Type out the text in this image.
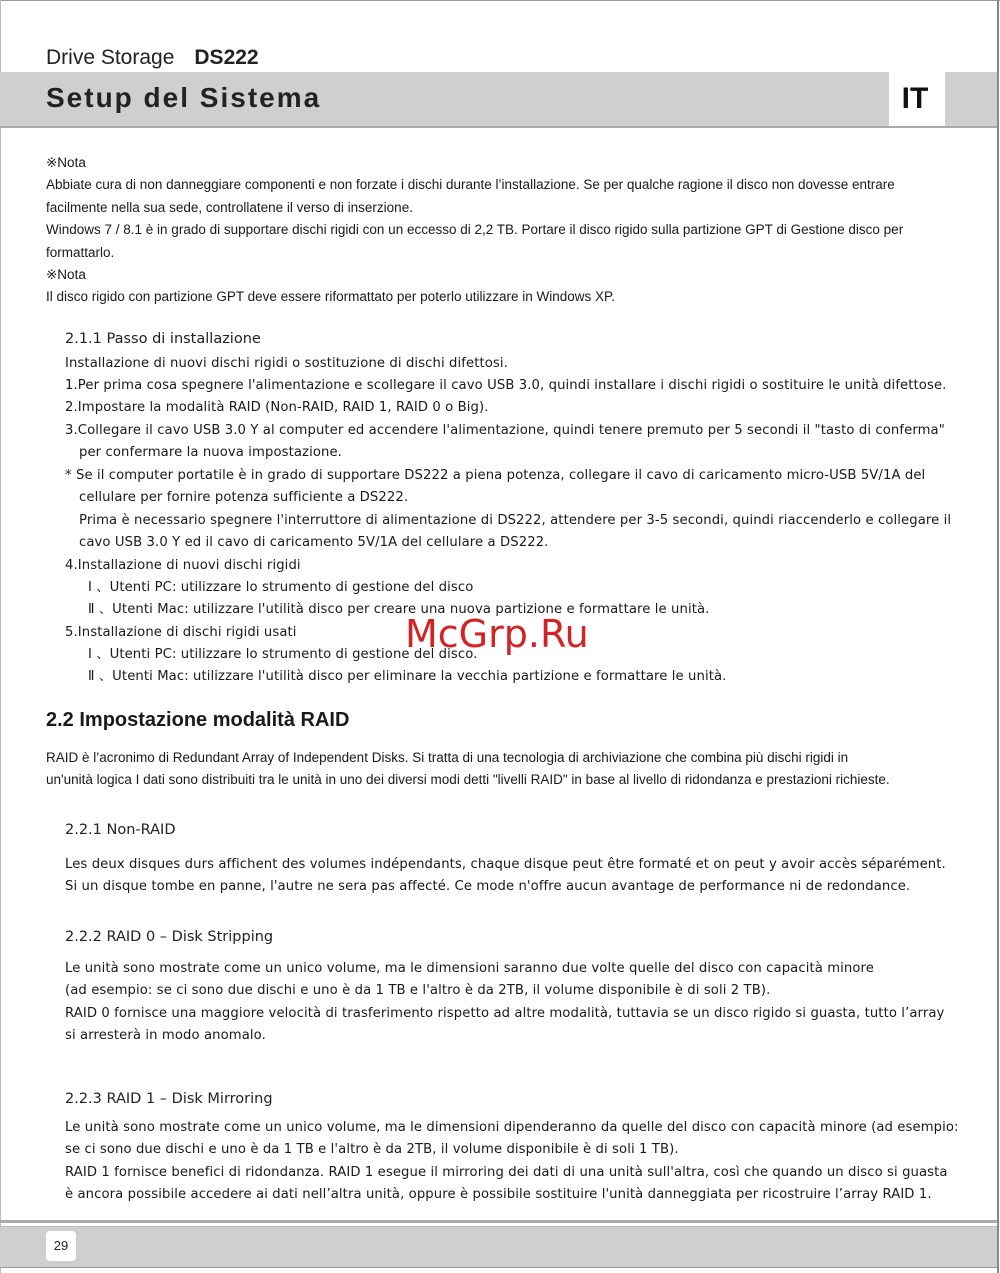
Drive Storage DS222
Setup del Sistema	IT
※Nota
Abbiate cura di non danneggiare componenti e non forzate i dischi durante l’installazione. Se per qualche ragione il disco non dovesse entrare
facilmente nella sua sede, controllatene il verso di inserzione.
Windows 7 / 8.1 è in grado di supportare dischi rigidi con un eccesso di 2,2 TB. Portare il disco rigido sulla partizione GPT di Gestione disco per
formattarlo.
※Nota
Il disco rigido con partizione GPT deve essere riformattato per poterlo utilizzare in Windows XP.
2.1.1 Passo di installazione
Installazione di nuovi dischi rigidi o sostituzione di dischi difettosi.
1.Per prima cosa spegnere l'alimentazione e scollegare il cavo USB 3.0, quindi installare i dischi rigidi o sostituire le unità difettose.
2.Impostare la modalità RAID (Non-RAID, RAID 1, RAID 0 o Big).
3.Collegare il cavo USB 3.0 Y al computer ed accendere l'alimentazione, quindi tenere premuto per 5 secondi il "tasto di conferma"
per confermare la nuova impostazione.
* Se il computer portatile è in grado di supportare DS222 a piena potenza, collegare il cavo di caricamento micro-USB 5V/1A del
cellulare per fornire potenza sufficiente a DS222.
Prima è necessario spegnere l'interruttore di alimentazione di DS222, attendere per 3-5 secondi, quindi riaccenderlo e collegare il
cavo USB 3.0 Y ed il cavo di caricamento 5V/1A del cellulare a DS222.
4.Installazione di nuovi dischi rigidi
Ⅰ 、Utenti PC: utilizzare lo strumento di gestione del disco
Ⅱ 、Utenti Mac: utilizzare l'utilità disco per creare una nuova partizione e formattare le unità.
5.Installazione di dischi rigidi usati
Ⅰ 、Utenti PC: utilizzare lo strumento di gestione del disco.
Ⅱ 、Utenti Mac: utilizzare l'utilità disco per eliminare la vecchia partizione e formattare le unità.
McGrp.Ru
2.2 Impostazione modalità RAID
RAID è l’acronimo di Redundant Array of Independent Disks. Si tratta di una tecnologia di archiviazione che combina più dischi rigidi in
un'unità logica I dati sono distribuiti tra le unità in uno dei diversi modi detti "livelli RAID" in base al livello di ridondanza e prestazioni richieste.
2.2.1 Non-RAID
Les deux disques durs affichent des volumes indépendants, chaque disque peut être formaté et on peut y avoir accès séparément.
Si un disque tombe en panne, l'autre ne sera pas affecté. Ce mode n'offre aucun avantage de performance ni de redondance.
2.2.2 RAID 0 – Disk Stripping
Le unità sono mostrate come un unico volume, ma le dimensioni saranno due volte quelle del disco con capacità minore
(ad esempio: se ci sono due dischi e uno è da 1 TB e l'altro è da 2TB, il volume disponibile è di soli 2 TB).
RAID 0 fornisce una maggiore velocità di trasferimento rispetto ad altre modalità, tuttavia se un disco rigido si guasta, tutto l’array
si arresterà in modo anomalo.
2.2.3 RAID 1 – Disk Mirroring
Le unità sono mostrate come un unico volume, ma le dimensioni dipenderanno da quelle del disco con capacità minore (ad esempio:
se ci sono due dischi e uno è da 1 TB e l'altro è da 2TB, il volume disponibile è di soli 1 TB).
RAID 1 fornisce benefici di ridondanza. RAID 1 esegue il mirroring dei dati di una unità sull'altra, così che quando un disco si guasta
è ancora possibile accedere ai dati nell’altra unità, oppure è possibile sostituire l'unità danneggiata per ricostruire l’array RAID 1.
29
